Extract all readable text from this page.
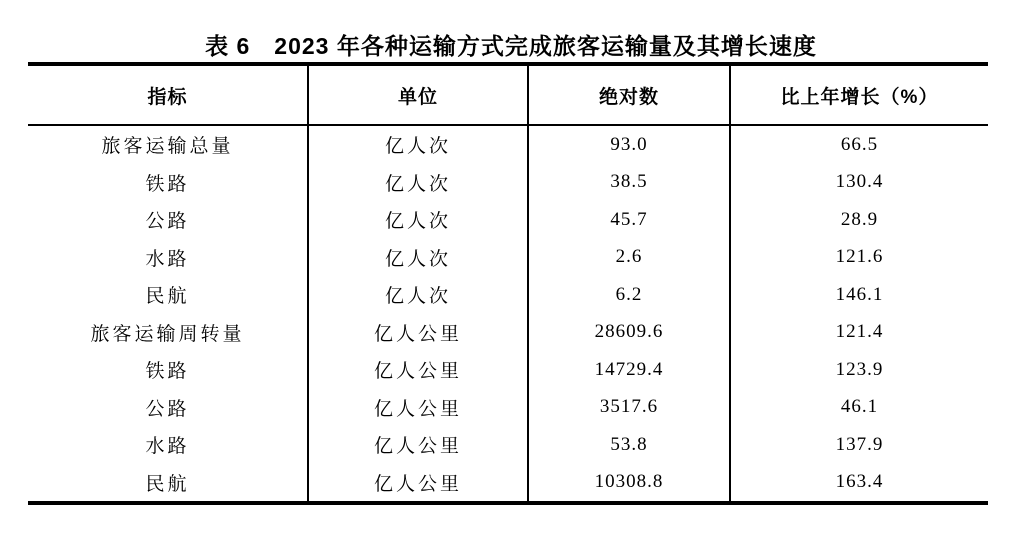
表 6　2023 年各种运输方式完成旅客运输量及其增长速度
指标	单位	绝对数	比上年增长（%）
旅客运输总量	亿人次	93.0	66.5
铁路	亿人次	38.5	130.4
公路	亿人次	45.7	28.9
水路	亿人次	2.6	121.6
民航	亿人次	6.2	146.1
旅客运输周转量	亿人公里	28609.6	121.4
铁路	亿人公里	14729.4	123.9
公路	亿人公里	3517.6	46.1
水路	亿人公里	53.8	137.9
民航	亿人公里	10308.8	163.4
